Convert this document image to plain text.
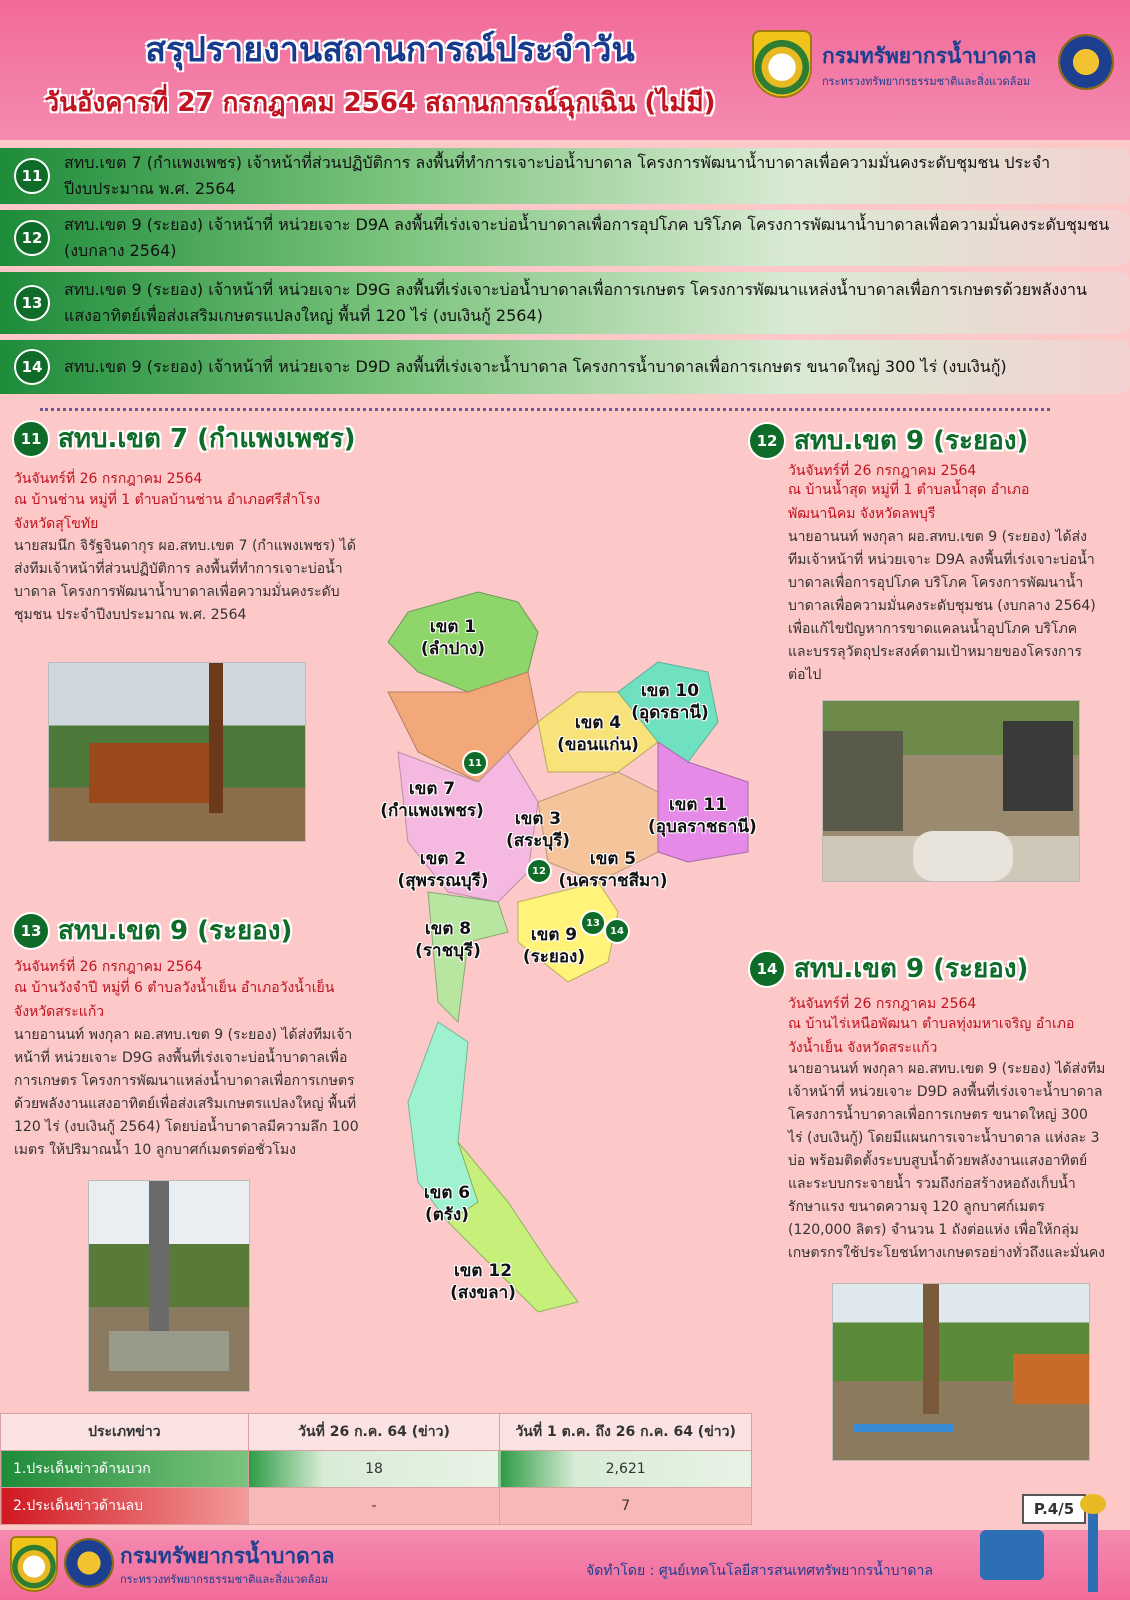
สรุปรายงานสถานการณ์ประจำวัน
วันอังคารที่ 27 กรกฎาคม 2564 สถานการณ์ฉุกเฉิน (ไม่มี)
กรมทรัพยากรน้ำบาดาล
กระทรวงทรัพยากรธรรมชาติและสิ่งแวดล้อม
11
สทบ.เขต 7 (กำแพงเพชร) เจ้าหน้าที่ส่วนปฏิบัติการ ลงพื้นที่ทำการเจาะบ่อน้ำบาดาล โครงการพัฒนาน้ำบาดาลเพื่อความมั่นคงระดับชุมชน ประจำปีงบประมาณ พ.ศ. 2564
12
สทบ.เขต 9 (ระยอง) เจ้าหน้าที่ หน่วยเจาะ D9A ลงพื้นที่เร่งเจาะบ่อน้ำบาดาลเพื่อการอุปโภค บริโภค โครงการพัฒนาน้ำบาดาลเพื่อความมั่นคงระดับชุมชน (งบกลาง 2564)
13
สทบ.เขต 9 (ระยอง) เจ้าหน้าที่ หน่วยเจาะ D9G ลงพื้นที่เร่งเจาะบ่อน้ำบาดาลเพื่อการเกษตร โครงการพัฒนาแหล่งน้ำบาดาลเพื่อการเกษตรด้วยพลังงานแสงอาทิตย์เพื่อส่งเสริมเกษตรแปลงใหญ่ พื้นที่ 120 ไร่ (งบเงินกู้ 2564)
14	สทบ.เขต 9 (ระยอง) เจ้าหน้าที่ หน่วยเจาะ D9D ลงพื้นที่เร่งเจาะน้ำบาดาล โครงการน้ำบาดาลเพื่อการเกษตร ขนาดใหญ่ 300 ไร่ (งบเงินกู้)
11 สทบ.เขต 7 (กำแพงเพชร)
วันจันทร์ที่ 26 กรกฎาคม 2564
ณ บ้านช่าน หมู่ที่ 1 ตำบลบ้านช่าน อำเภอศรีสำโรง จังหวัดสุโขทัย
นายสมนึก จิรัฐจินดากุร ผอ.สทบ.เขต 7 (กำแพงเพชร) ได้ส่งทีมเจ้าหน้าที่ส่วนปฏิบัติการ ลงพื้นที่ทำการเจาะบ่อน้ำบาดาล โครงการพัฒนาน้ำบาดาลเพื่อความมั่นคงระดับชุมชน ประจำปีงบประมาณ พ.ศ. 2564
12 สทบ.เขต 9 (ระยอง)
วันจันทร์ที่ 26 กรกฎาคม 2564
ณ บ้านน้ำสุด หมู่ที่ 1 ตำบลน้ำสุด อำเภอพัฒนานิคม จังหวัดลพบุรี
นายอานนท์ พงกุลา ผอ.สทบ.เขต 9 (ระยอง) ได้ส่งทีมเจ้าหน้าที่ หน่วยเจาะ D9A ลงพื้นที่เร่งเจาะบ่อน้ำบาดาลเพื่อการอุปโภค บริโภค โครงการพัฒนาน้ำบาดาลเพื่อความมั่นคงระดับชุมชน (งบกลาง 2564) เพื่อแก้ไขปัญหาการขาดแคลนน้ำอุปโภค บริโภค และบรรลุวัตถุประสงค์ตามเป้าหมายของโครงการต่อไป
เขต 1
(ลำปาง)
เขต 10
(อุดรธานี)
เขต 4
(ขอนแก่น)
เขต 7
(กำแพงเพชร)	เขต 3
(สระบุรี)
เขต 11
(อุบลราชธานี)
เขต 2
(สุพรรณบุรี)
เขต 5
(นครราชสีมา)
เขต 8
(ราชบุรี)
เขต 9
(ระยอง)
เขต 6
(ตรัง)
เขต 12
(สงขลา)
11
12
13
14
13 สทบ.เขต 9 (ระยอง)
วันจันทร์ที่ 26 กรกฎาคม 2564
ณ บ้านวังจำปี หมู่ที่ 6 ตำบลวังน้ำเย็น อำเภอวังน้ำเย็น จังหวัดสระแก้ว
นายอานนท์ พงกุลา ผอ.สทบ.เขต 9 (ระยอง) ได้ส่งทีมเจ้าหน้าที่ หน่วยเจาะ D9G ลงพื้นที่เร่งเจาะบ่อน้ำบาดาลเพื่อการเกษตร โครงการพัฒนาแหล่งน้ำบาดาลเพื่อการเกษตรด้วยพลังงานแสงอาทิตย์เพื่อส่งเสริมเกษตรแปลงใหญ่ พื้นที่ 120 ไร่ (งบเงินกู้ 2564) โดยบ่อน้ำบาดาลมีความลึก 100 เมตร ให้ปริมาณน้ำ 10 ลูกบาศก์เมตรต่อชั่วโมง
14 สทบ.เขต 9 (ระยอง)
วันจันทร์ที่ 26 กรกฎาคม 2564
ณ บ้านไร่เหนือพัฒนา ตำบลทุ่งมหาเจริญ อำเภอวังน้ำเย็น จังหวัดสระแก้ว
นายอานนท์ พงกุลา ผอ.สทบ.เขต 9 (ระยอง) ได้ส่งทีมเจ้าหน้าที่ หน่วยเจาะ D9D ลงพื้นที่เร่งเจาะน้ำบาดาล โครงการน้ำบาดาลเพื่อการเกษตร ขนาดใหญ่ 300 ไร่ (งบเงินกู้) โดยมีแผนการเจาะน้ำบาดาล แห่งละ 3 บ่อ พร้อมติดตั้งระบบสูบน้ำด้วยพลังงานแสงอาทิตย์และระบบกระจายน้ำ รวมถึงก่อสร้างหอถังเก็บน้ำรักษาแรง ขนาดความจุ 120 ลูกบาศก์เมตร (120,000 ลิตร) จำนวน 1 ถังต่อแห่ง เพื่อให้กลุ่มเกษตรกรใช้ประโยชน์ทางเกษตรอย่างทั่วถึงและมั่นคง
ประเภทข่าว	วันที่ 26 ก.ค. 64 (ข่าว)	วันที่ 1 ต.ค. ถึง 26 ก.ค. 64 (ข่าว)
1.ประเด็นข่าวด้านบวก	18	2,621
2.ประเด็นข่าวด้านลบ	-	7	P.4/5
กรมทรัพยากรน้ำบาดาล
กระทรวงทรัพยากรธรรมชาติและสิ่งแวดล้อม
จัดทำโดย : ศูนย์เทคโนโลยีสารสนเทศทรัพยากรน้ำบาดาล
